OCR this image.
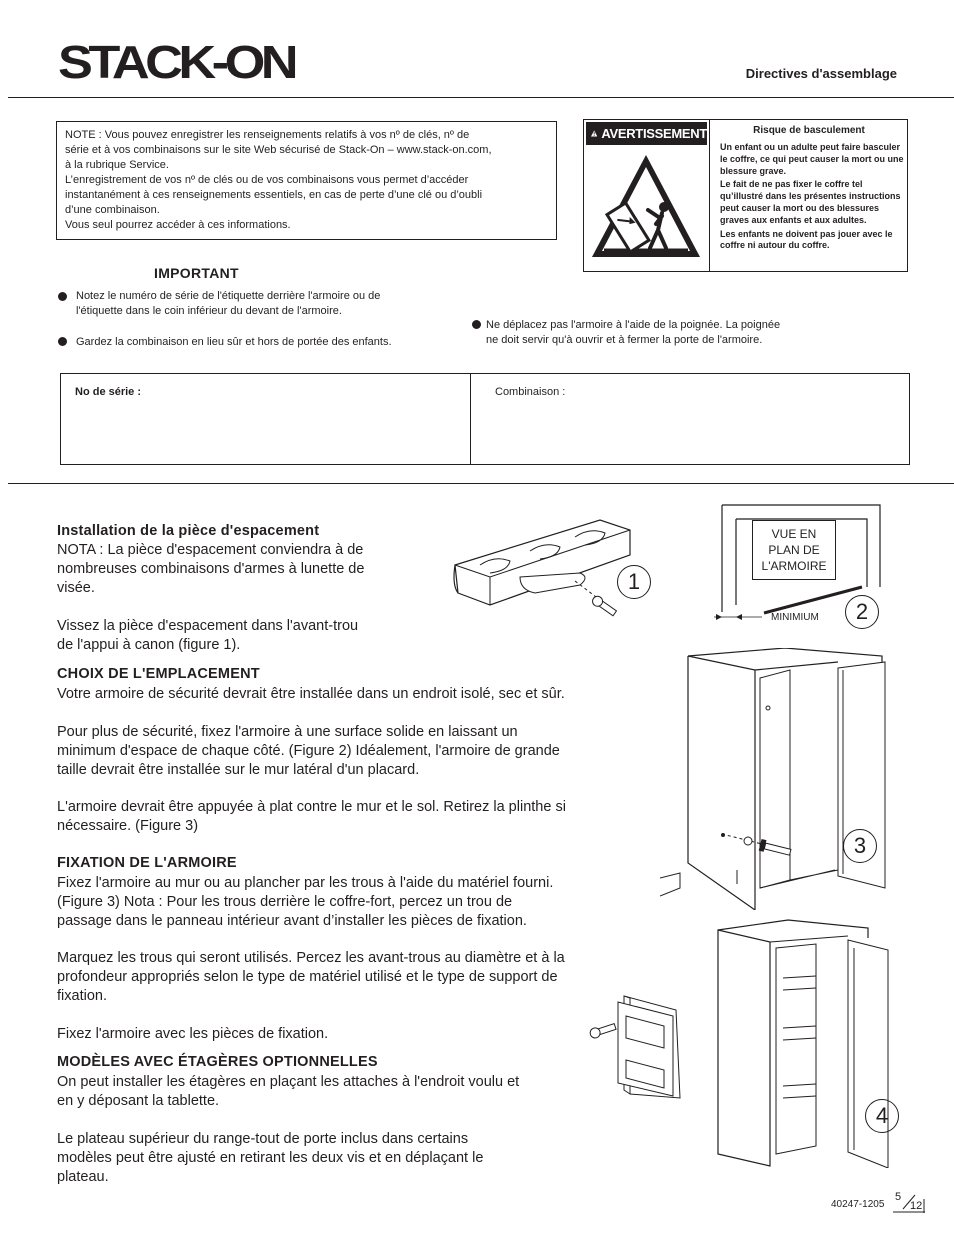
STACK-ON	Directives d'assemblage
NOTE : Vous pouvez enregistrer les renseignements relatifs à vos nº de clés, nº de
série et à vos combinaisons sur le site Web sécurisé de Stack-On – www.stack-on.com,
à la rubrique Service.
L’enregistrement de vos nº de clés ou de vos combinaisons vous permet d’accéder
instantanément à ces renseignements essentiels, en cas de perte d’une clé ou d’oubli
d’une combinaison.
Vous seul pourrez accéder à ces informations.
AVERTISSEMENT	Risque de basculement

Un enfant ou un adulte peut faire basculer le coffre, ce qui peut causer la mort ou une blessure grave.

Le fait de ne pas fixer le coffre tel qu’illustré dans les présentes instructions peut causer la mort ou des blessures graves aux enfants et aux adultes.

Les enfants ne doivent pas jouer avec le coffre ni autour du coffre.

IMPORTANT
Notez le numéro de série de l'étiquette derrière l'armoire ou de
l'étiquette dans le coin inférieur du devant de l'armoire.
Gardez la combinaison en lieu sûr et hors de portée des enfants.
Ne déplacez pas l'armoire à l'aide de la poignée. La poignée
ne doit servir qu'à ouvrir et à fermer la porte de l'armoire.
No de série :	Combinaison :
Installation de la pièce d'espacement
NOTA : La pièce d'espacement conviendra à de
nombreuses combinaisons d'armes à lunette de
visée.
Vissez la pièce d'espacement dans l'avant-trou
de l'appui à canon (figure 1).
CHOIX DE L'EMPLACEMENT
Votre armoire de sécurité devrait être installée dans un endroit isolé, sec et sûr.
Pour plus de sécurité, fixez l'armoire à une surface solide en laissant un
minimum d'espace de chaque côté. (Figure 2) Idéalement, l'armoire de grande
taille devrait être installée sur le mur latéral d'un placard.
L'armoire devrait être appuyée à plat contre le mur et le sol. Retirez la plinthe si
nécessaire. (Figure 3)
FIXATION DE L'ARMOIRE
Fixez l'armoire au mur ou au plancher par les trous à l'aide du matériel fourni.
(Figure 3) Nota : Pour les trous derrière le coffre-fort, percez un trou de
passage dans le panneau intérieur avant d’installer les pièces de fixation.
Marquez les trous qui seront utilisés. Percez les avant-trous au diamètre et à la
profondeur appropriés selon le type de matériel utilisé et le type de support de
fixation.
Fixez l'armoire avec les pièces de fixation.
MODÈLES AVEC ÉTAGÈRES OPTIONNELLES
On peut installer les étagères en plaçant les attaches à l'endroit voulu et
en y déposant la tablette.
Le plateau supérieur du range-tout de porte inclus dans certains
modèles peut être ajusté en retirant les deux vis et en déplaçant le
plateau.
1
VUE EN
PLAN DE
L'ARMOIRE
MINIMIUM	2
3
4
40247-1205
5
12
